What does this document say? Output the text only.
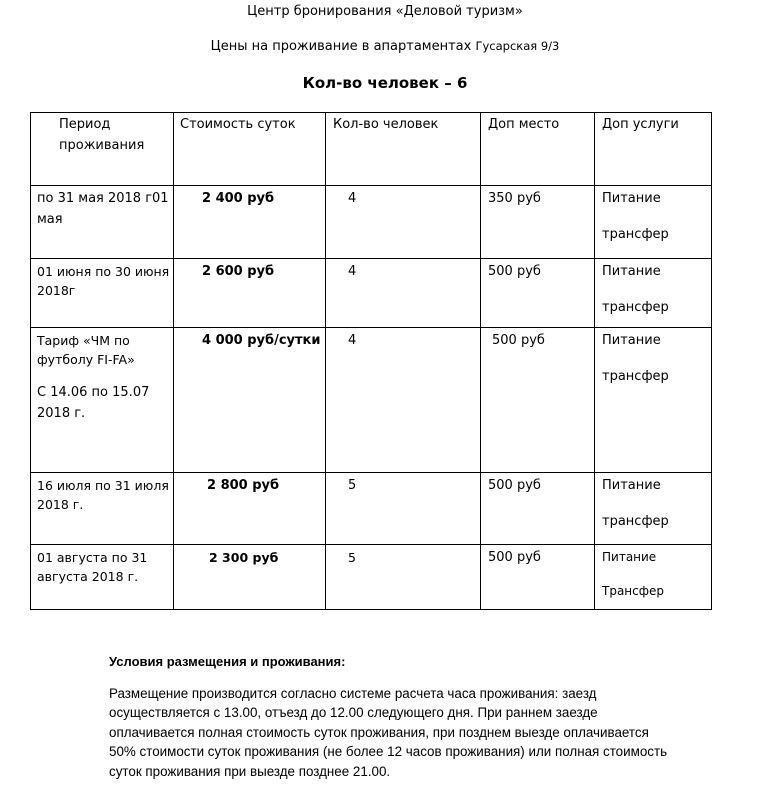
Центр бронирования «Деловой туризм»
Цены на проживание в апартаментах Гусарская 9/3
Кол-во человек – 6
Период
проживания	Стоимость суток	Кол-во человек	Доп место	Доп услуги

по 31 мая 2018 г01
мая	2 400 руб	4	350 руб	Питание
трансфер

01 июня по 30 июня
2018г	2 600 руб	4	500 руб	Питание
трансфер

Тариф «ЧМ по
футболу FI-FA»
С 14.06 по 15.07
2018 г.	4 000 руб/сутки	4	500 руб	Питание
трансфер

16 июля по 31 июля
2018 г.	2 800 руб	5	500 руб	Питание
трансфер

01 августа по 31
августа 2018 г.	2 300 руб	5	500 руб	Питание
Трансфер
Условия размещения и проживания:
Размещение производится согласно системе расчета часа проживания: заезд
осуществляется с 13.00, отъезд до 12.00 следующего дня. При раннем заезде
оплачивается полная стоимость суток проживания, при позднем выезде оплачивается
50% стоимости суток проживания (не более 12 часов проживания) или полная стоимость
суток проживания при выезде позднее 21.00.
